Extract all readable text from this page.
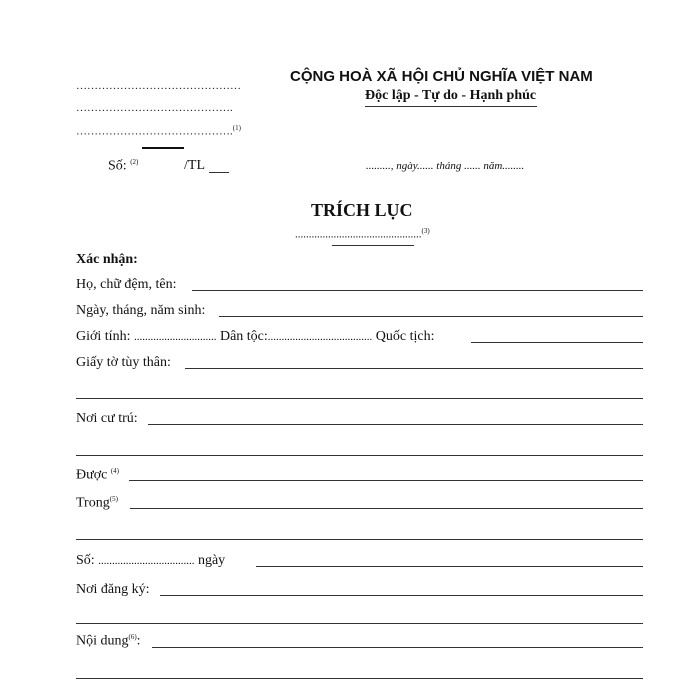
………………………………………
…………………………………….
…………………………………….$^{(1)}$
CỘNG HOÀ XÃ HỘI CHỦ NGHĨA VIỆT NAM
Độc lập - Tự do - Hạnh phúc
Số: $^{(2)}$	/TL	........., ngày...... tháng ...... năm........
TRÍCH LỤC
..............................................$^{(3)}$
Xác nhận:
Họ, chữ đệm, tên:
Ngày, tháng, năm sinh:
Giới tính: .............................. Dân tộc:...................................... Quốc tịch:
Giấy tờ tùy thân:
Nơi cư trú:
Được $^{(4)}$
Trong$^{(5)}$
Số: ................................... ngày
Nơi đăng ký:
Nội dung$^{(6)}$:
